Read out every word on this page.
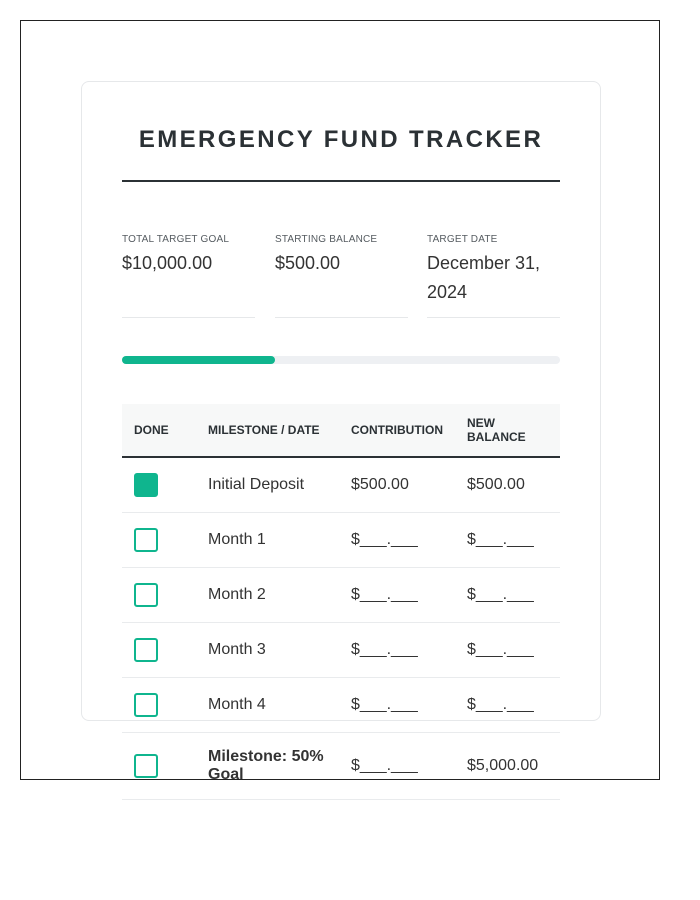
EMERGENCY FUND TRACKER
TOTAL TARGET GOAL
$10,000.00
STARTING BALANCE
$500.00
TARGET DATE
December 31, 2024
DONE	MILESTONE / DATE	CONTRIBUTION	NEW BALANCE
	Initial Deposit	$500.00	$500.00
	Month 1	$___.___	$___.___
	Month 2	$___.___	$___.___
	Month 3	$___.___	$___.___
	Month 4	$___.___	$___.___
	Milestone: 50% Goal	$___.___	$5,000.00
